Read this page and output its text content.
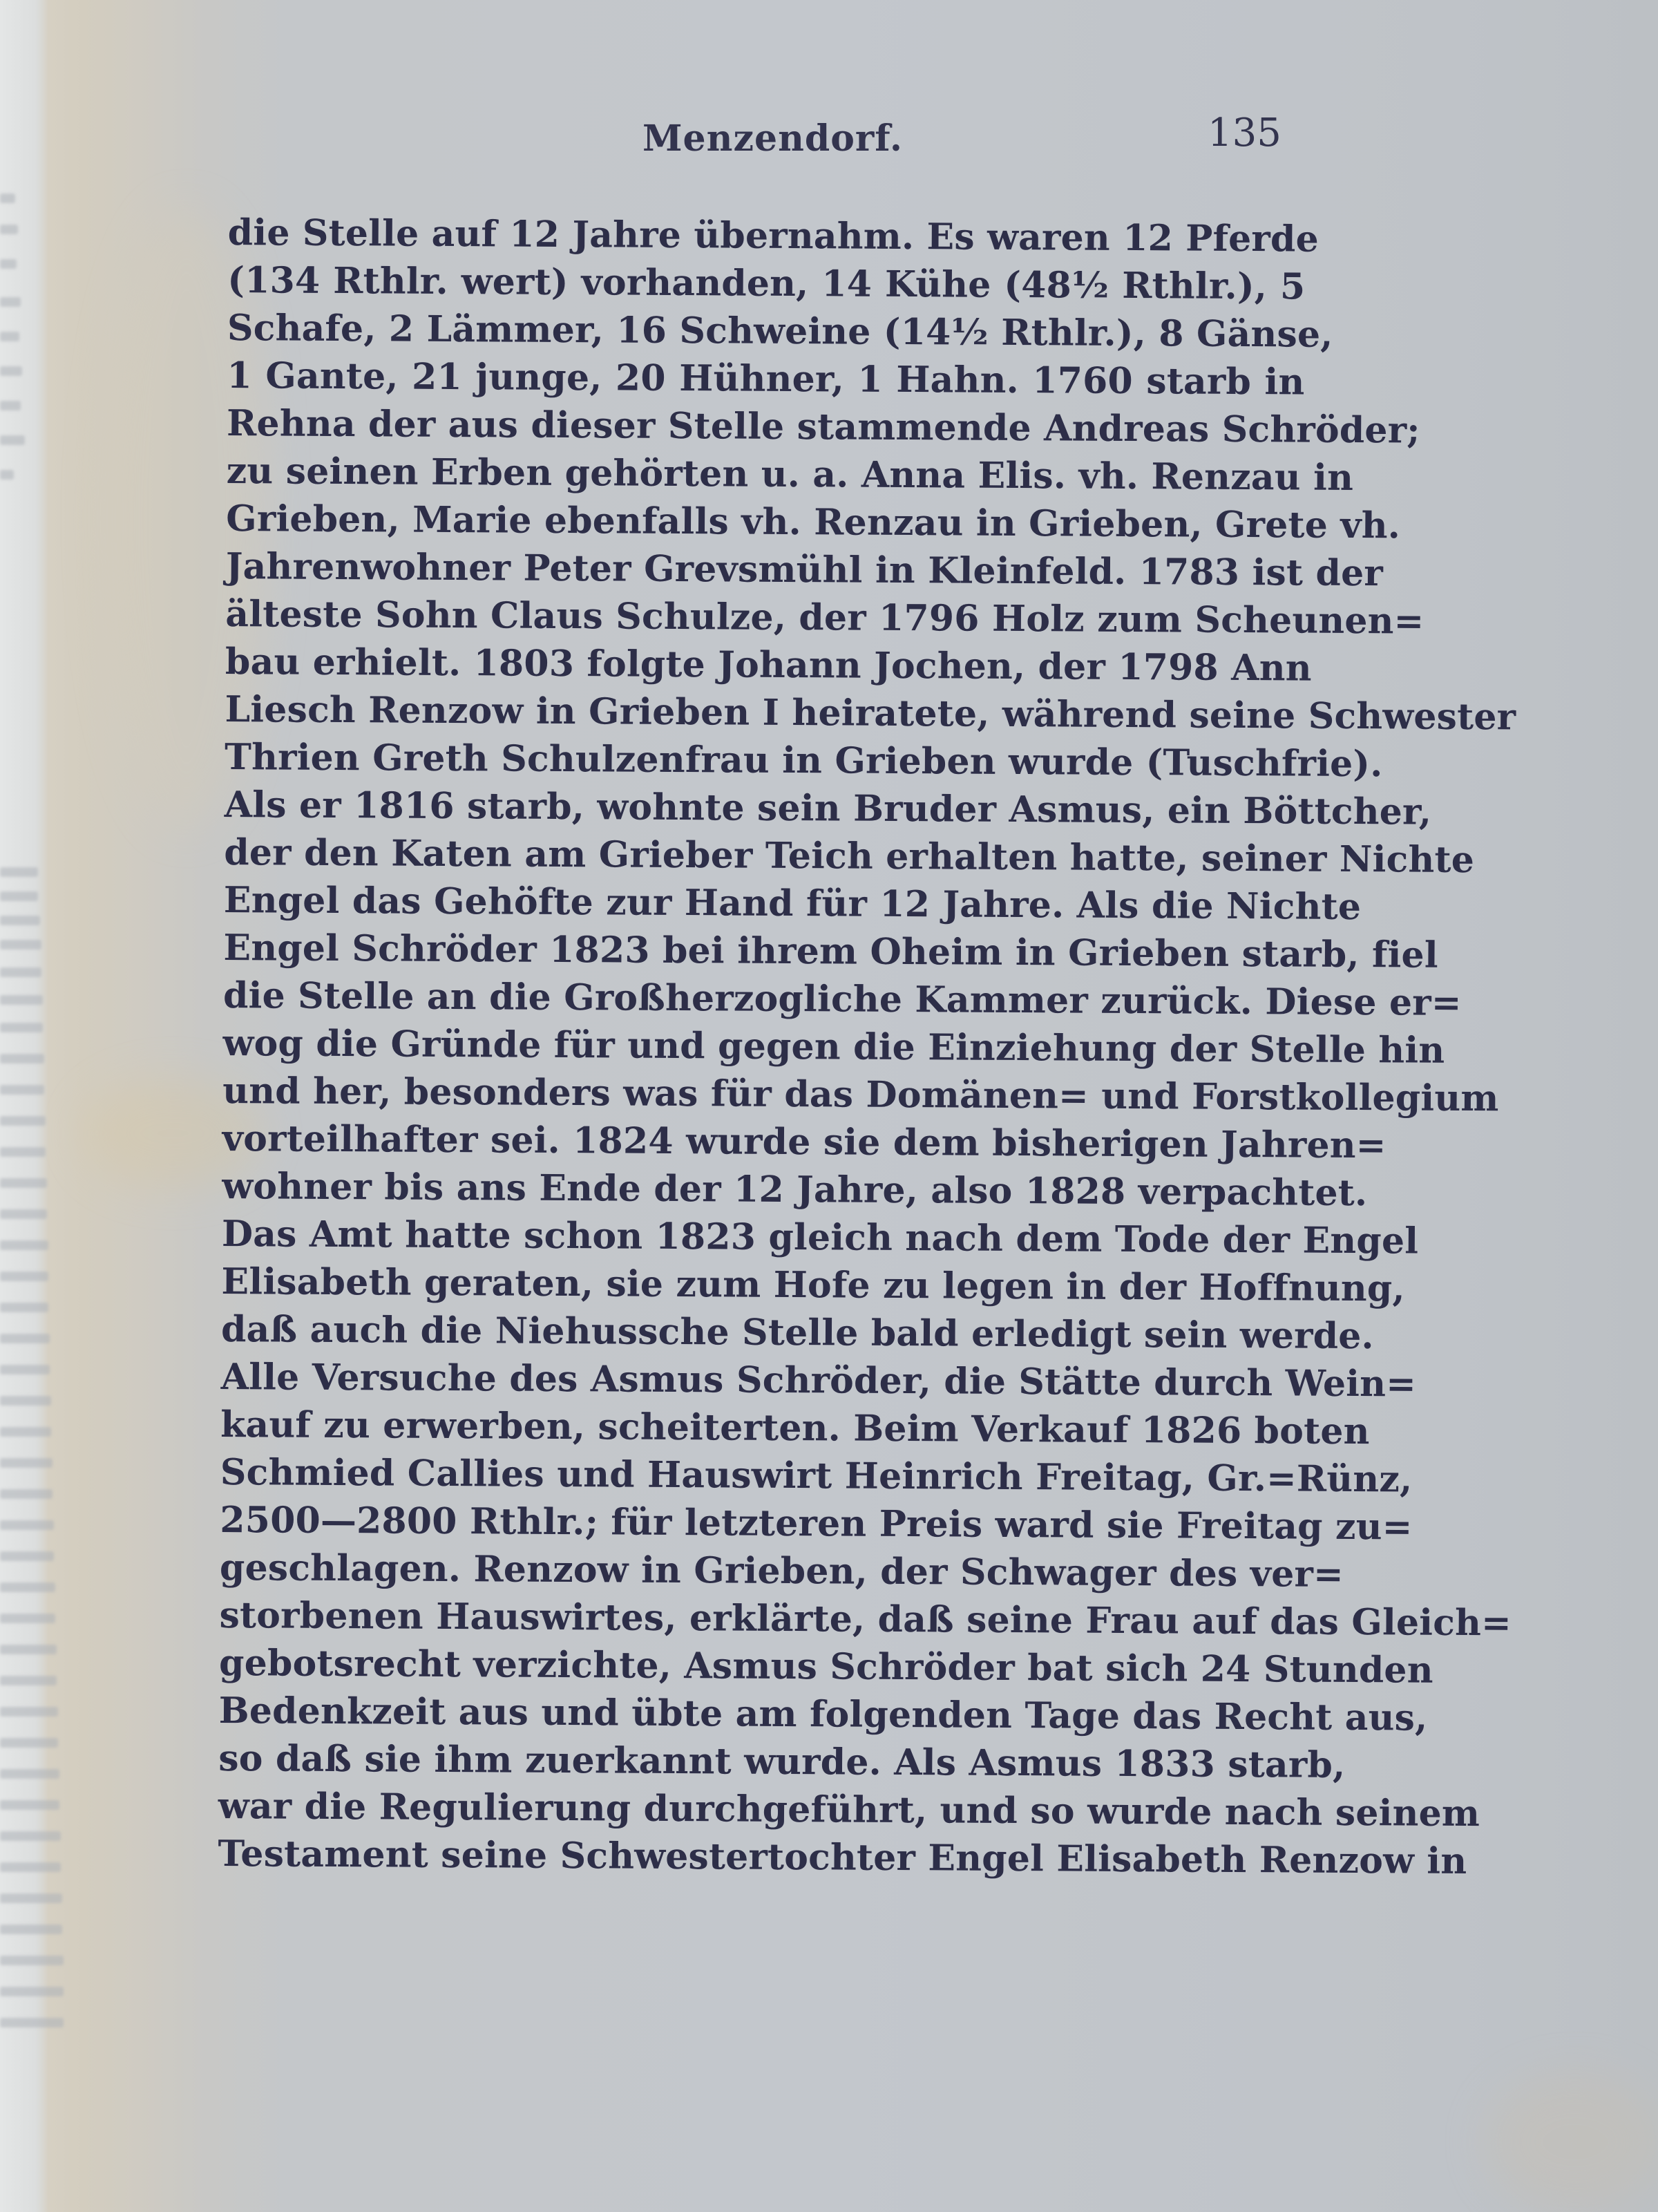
Menzendorf.	135
die Stelle auf 12 Jahre übernahm. Es waren 12 Pferde
(134 Rthlr. wert) vorhanden, 14 Kühe (48½ Rthlr.), 5
Schafe, 2 Lämmer, 16 Schweine (14½ Rthlr.), 8 Gänse,
1 Gante, 21 junge, 20 Hühner, 1 Hahn. 1760 starb in
Rehna der aus dieser Stelle stammende Andreas Schröder;
zu seinen Erben gehörten u. a. Anna Elis. vh. Renzau in
Grieben, Marie ebenfalls vh. Renzau in Grieben, Grete vh.
Jahrenwohner Peter Grevsmühl in Kleinfeld. 1783 ist der
älteste Sohn Claus Schulze, der 1796 Holz zum Scheunen=
bau erhielt. 1803 folgte Johann Jochen, der 1798 Ann
Liesch Renzow in Grieben I heiratete, während seine Schwester
Thrien Greth Schulzenfrau in Grieben wurde (Tuschfrie).
Als er 1816 starb, wohnte sein Bruder Asmus, ein Böttcher,
der den Katen am Grieber Teich erhalten hatte, seiner Nichte
Engel das Gehöfte zur Hand für 12 Jahre. Als die Nichte
Engel Schröder 1823 bei ihrem Oheim in Grieben starb, fiel
die Stelle an die Großherzogliche Kammer zurück. Diese er=
wog die Gründe für und gegen die Einziehung der Stelle hin
und her, besonders was für das Domänen= und Forstkollegium
vorteilhafter sei. 1824 wurde sie dem bisherigen Jahren=
wohner bis ans Ende der 12 Jahre, also 1828 verpachtet.
Das Amt hatte schon 1823 gleich nach dem Tode der Engel
Elisabeth geraten, sie zum Hofe zu legen in der Hoffnung,
daß auch die Niehussche Stelle bald erledigt sein werde.
Alle Versuche des Asmus Schröder, die Stätte durch Wein=
kauf zu erwerben, scheiterten. Beim Verkauf 1826 boten
Schmied Callies und Hauswirt Heinrich Freitag, Gr.=Rünz,
2500—2800 Rthlr.; für letzteren Preis ward sie Freitag zu=
geschlagen. Renzow in Grieben, der Schwager des ver=
storbenen Hauswirtes, erklärte, daß seine Frau auf das Gleich=
gebotsrecht verzichte, Asmus Schröder bat sich 24 Stunden
Bedenkzeit aus und übte am folgenden Tage das Recht aus,
so daß sie ihm zuerkannt wurde. Als Asmus 1833 starb,
war die Regulierung durchgeführt, und so wurde nach seinem
Testament seine Schwestertochter Engel Elisabeth Renzow in
